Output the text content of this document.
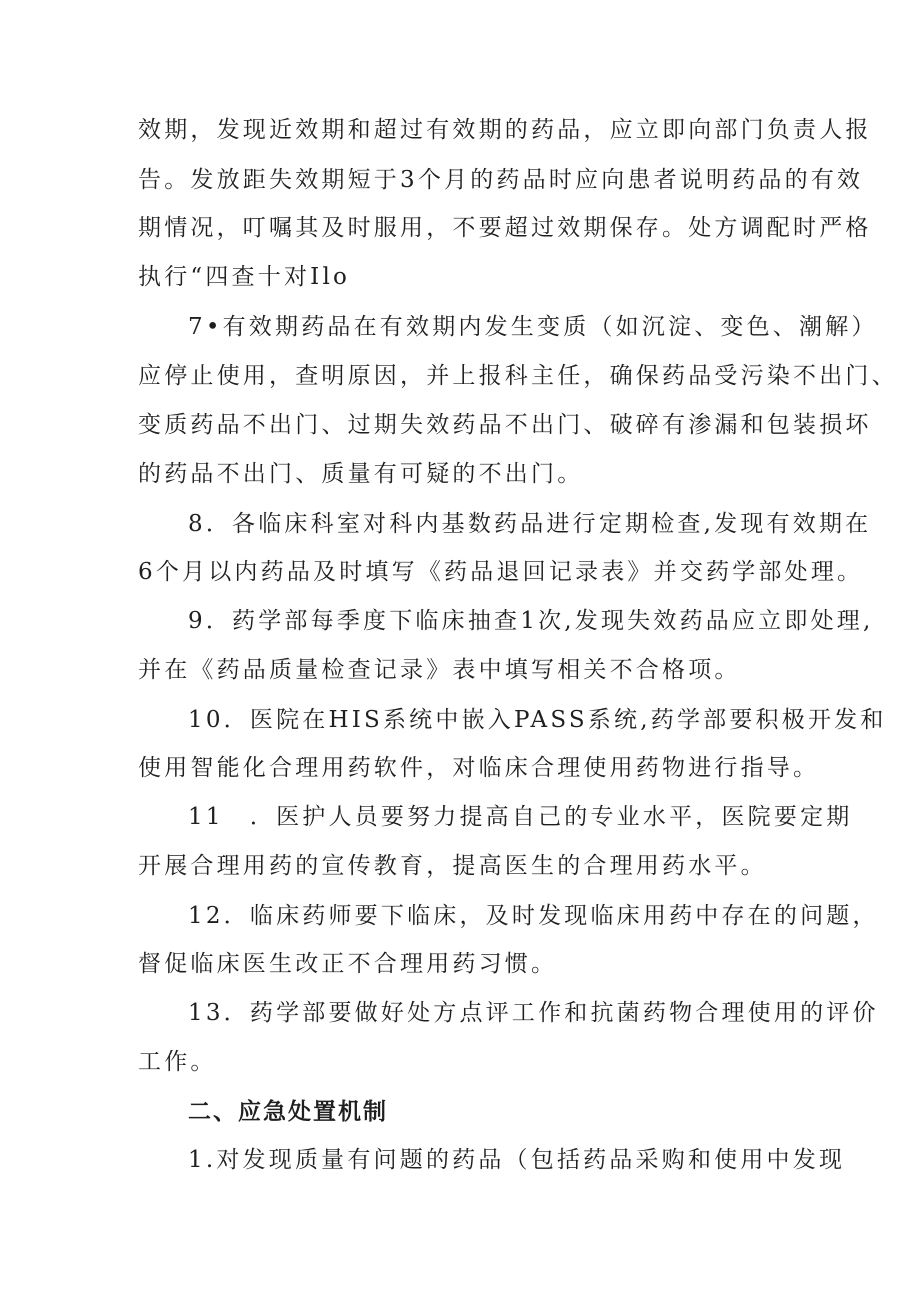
效期，发现近效期和超过有效期的药品，应立即向部门负责人报

告。发放距失效期短于3个月的药品时应向患者说明药品的有效

期情况，叮嘱其及时服用，不要超过效期保存。处方调配时严格

执行“四查十对Ilo

7•有效期药品在有效期内发生变质（如沉淀、变色、潮解）

应停止使用，查明原因，并上报科主任，确保药品受污染不出门、

变质药品不出门、过期失效药品不出门、破碎有渗漏和包装损坏

的药品不出门、质量有可疑的不出门。

8．各临床科室对科内基数药品进行定期检查,发现有效期在

6个月以内药品及时填写《药品退回记录表》并交药学部处理。

9．药学部每季度下临床抽查1次,发现失效药品应立即处理,

并在《药品质量检查记录》表中填写相关不合格项。

10．医院在HIS系统中嵌入PASS系统,药学部要积极开发和

使用智能化合理用药软件，对临床合理使用药物进行指导。

11　．医护人员要努力提高自己的专业水平，医院要定期

开展合理用药的宣传教育，提高医生的合理用药水平。

12．临床药师要下临床，及时发现临床用药中存在的问题，

督促临床医生改正不合理用药习惯。

13．药学部要做好处方点评工作和抗菌药物合理使用的评价

工作。

二、应急处置机制

1.对发现质量有问题的药品（包括药品采购和使用中发现
